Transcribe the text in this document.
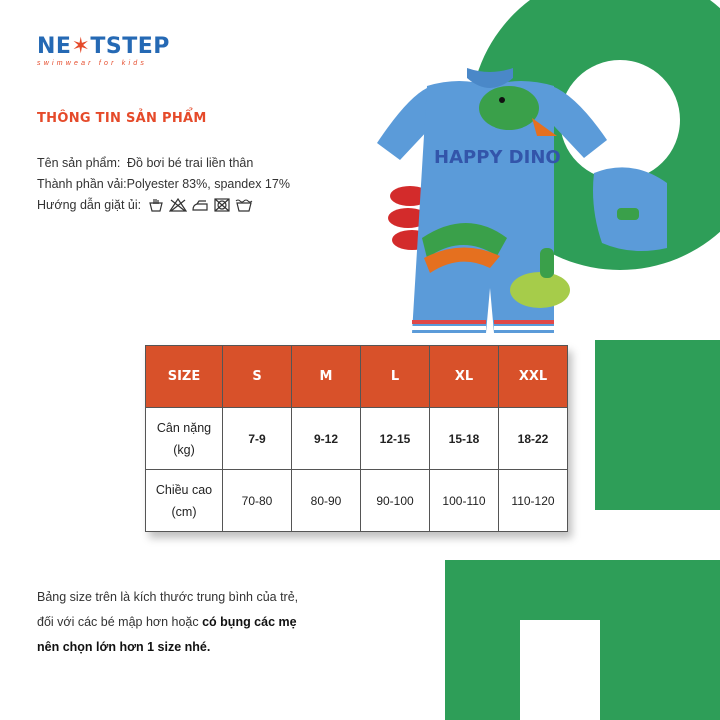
NE✶TSTEP
swimwear for kids
THÔNG TIN SẢN PHẨM
Tên sản phẩm: Đồ bơi bé trai liền thân
Thành phần vải: Polyester 83%, spandex 17%
Hướng dẫn giặt ủi:
HAPPY DINO
SIZE	S	M	L	XL	XXL
Cân nặng
(kg)	7-9	9-12	12-15	15-18	18-22
Chiều cao
(cm)	70-80	80-90	90-100	100-110	110-120
Bảng size trên là kích thước trung bình của trẻ,
đối với các bé mập hơn hoặc có bụng các mẹ
nên chọn lớn hơn 1 size nhé.
